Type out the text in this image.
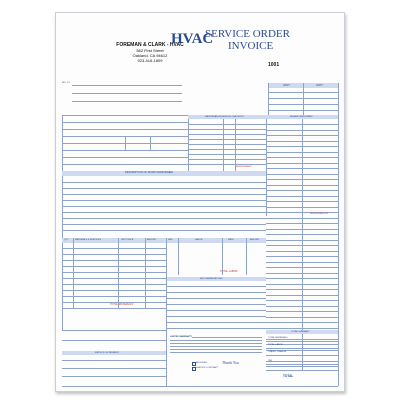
FOREMAN & CLARK - HVAC
582 First Street
Oakland, CA 94612
923-416-1809
HVAC
SERVICE ORDER
INVOICE
1001
BILL TO	UNIT	UNIT
MAINTENANCE/SERVICE CHECKLIST
REFRIGERANT
REPAIR PERFORMED
REFRIGERATION
DESCRIPTION OF WORK PERFORMED
QTY	MATERIALS & SERVICES	UNIT PRICE	AMOUNT	HRS	LABOR	RATE	AMOUNT
TOTAL LABOR
TOTAL MATERIALS
RECOMMENDATIONS
METHOD OF PAYMENT
LIMITED WARRANTY
REGULAR
SERVICE CONTRACT
Thank You
TOTAL SUMMARY
TOTAL MATERIALS
TOTAL LABOR
TRAVEL CHARGE
TAX
TOTAL
